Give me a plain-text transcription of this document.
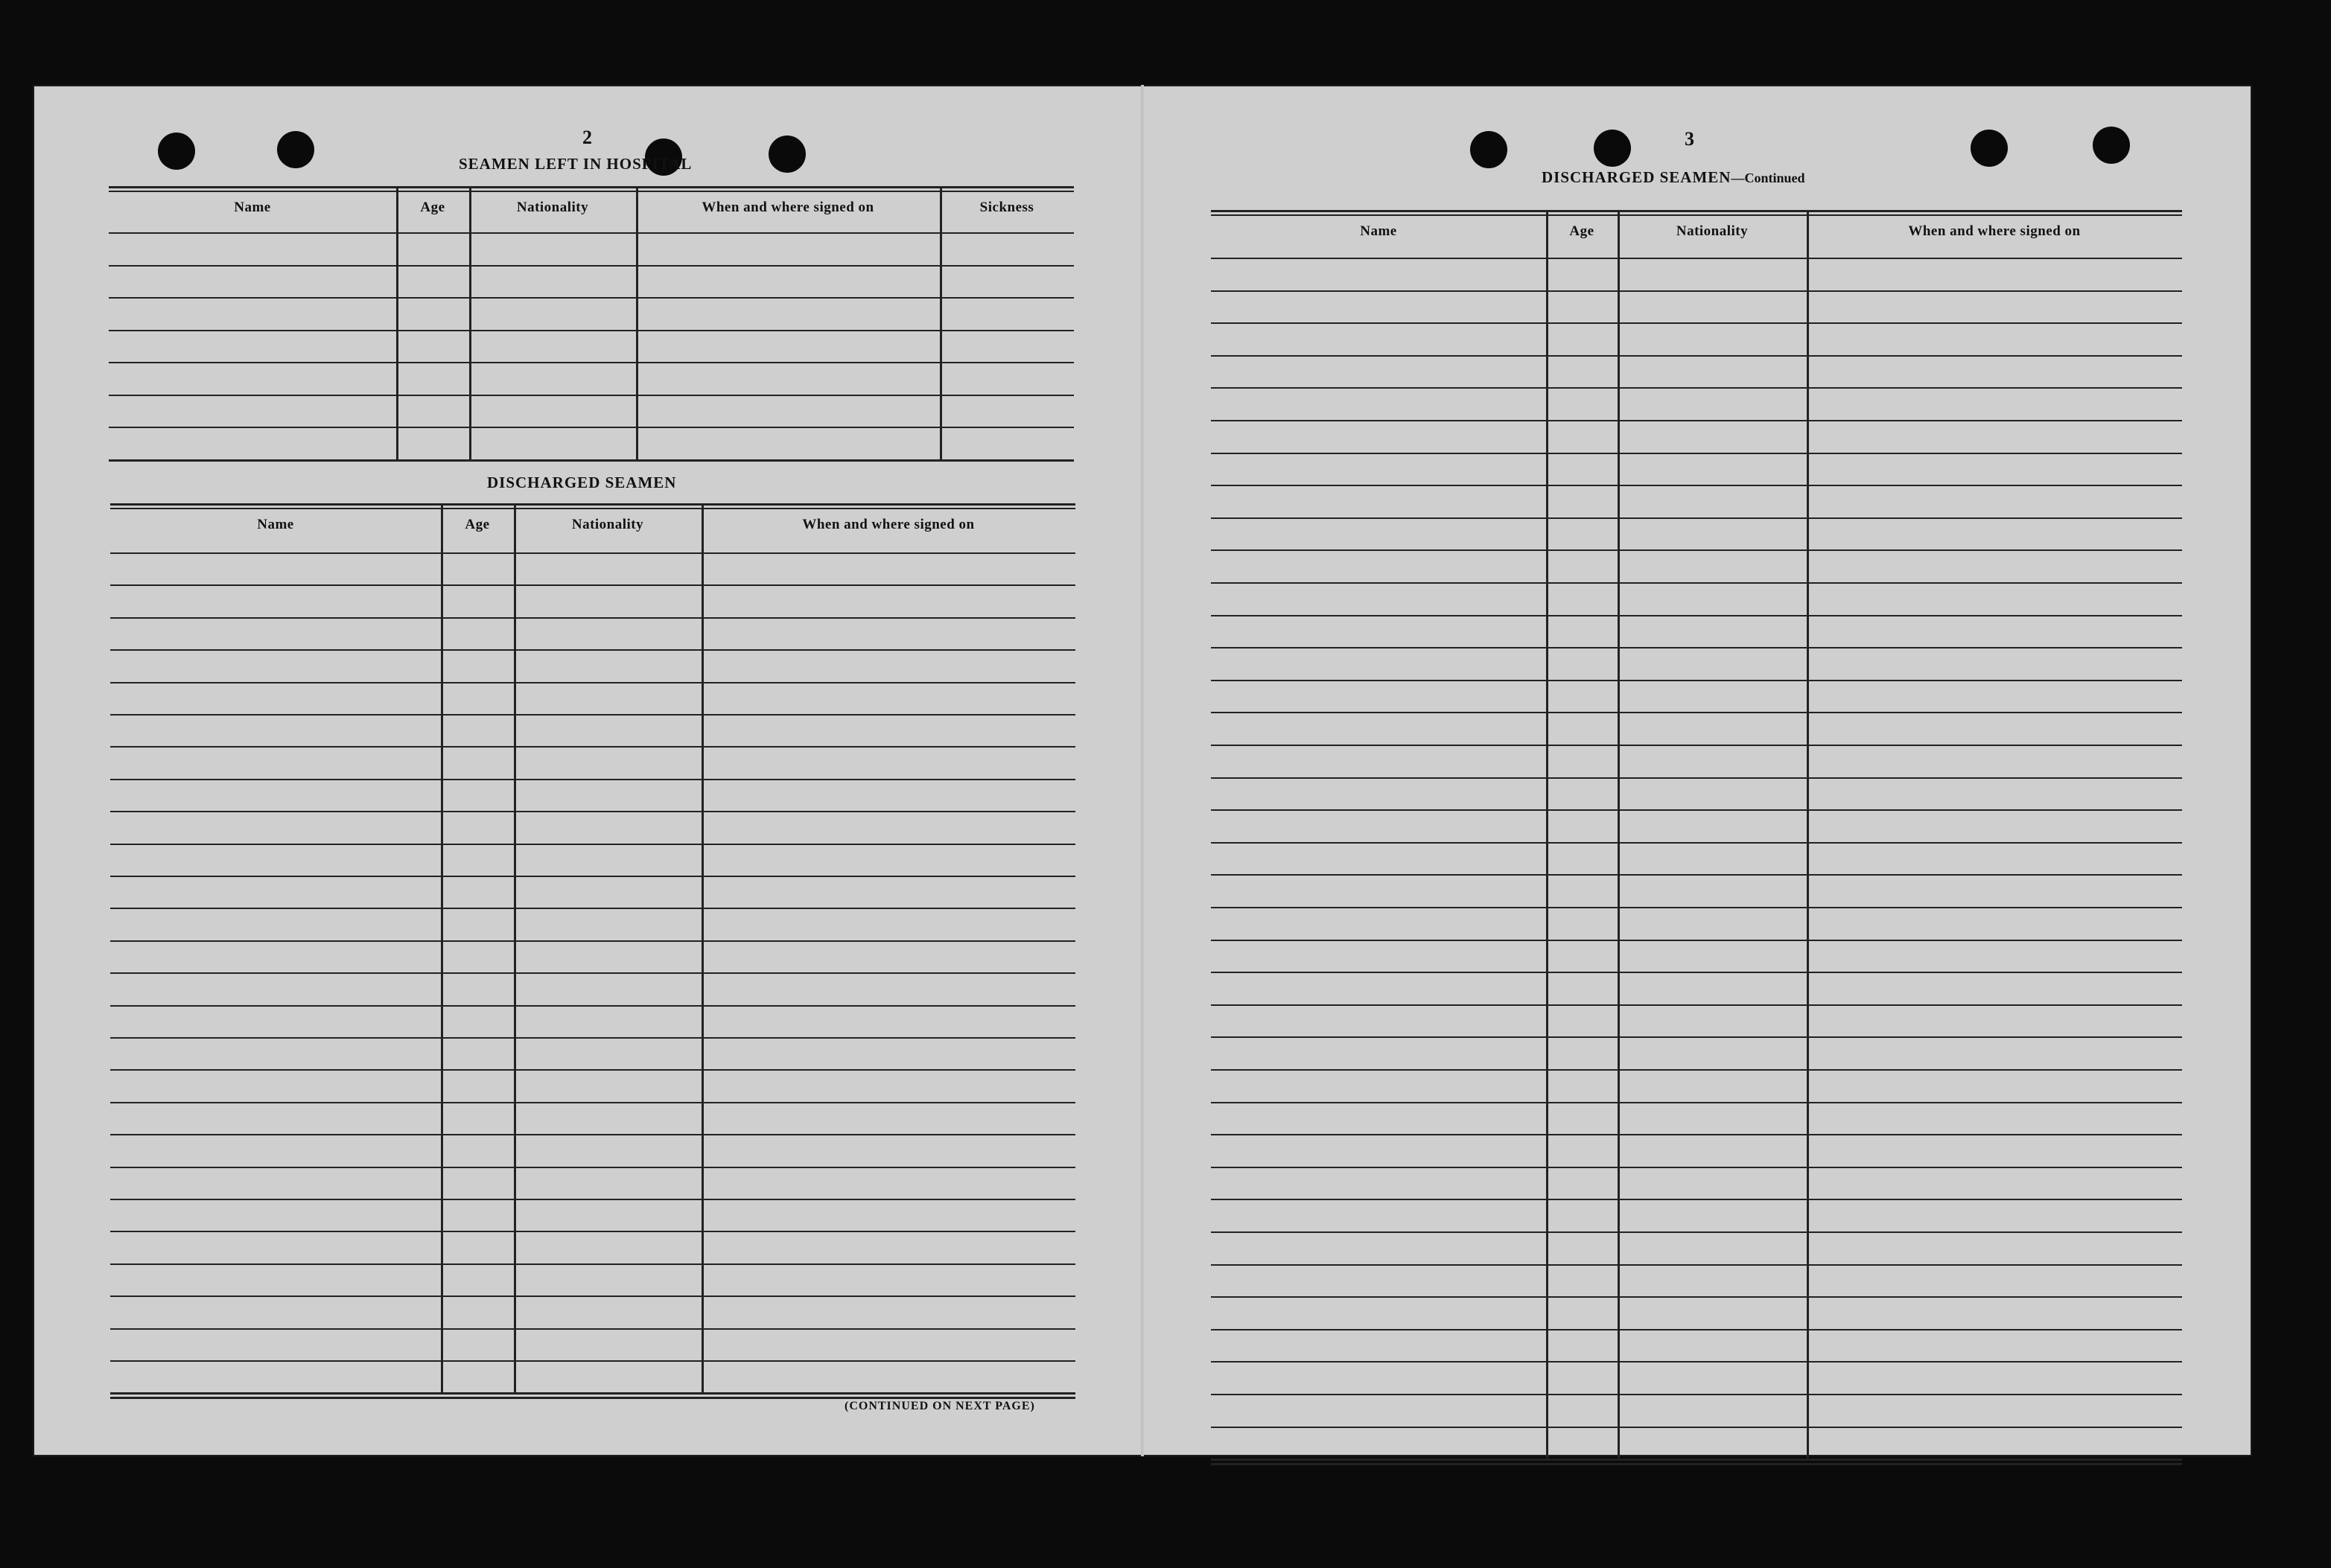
2
SEAMEN LEFT IN HOSPITAL
DISCHARGED SEAMEN
(CONTINUED ON NEXT PAGE)
3
DISCHARGED SEAMEN—Continued
Name	Age	Nationality	When and where signed on	Sickness
Name	Age	Nationality	When and where signed on
Name	Age	Nationality	When and where signed on
